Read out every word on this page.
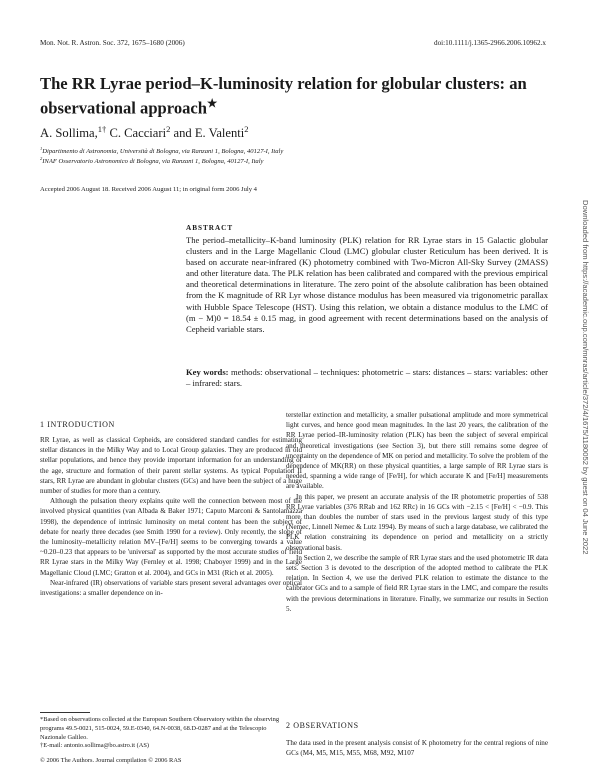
Mon. Not. R. Astron. Soc. 372, 1675–1680 (2006)	doi:10.1111/j.1365-2966.2006.10962.x
The RR Lyrae period–K-luminosity relation for globular clusters: an observational approach★
A. Sollima,$^{1\dagger}$ C. Cacciari$^2$ and E. Valenti$^2$
$^1$Dipartimento di Astronomia, Università di Bologna, via Ranzani 1, Bologna, 40127-I, Italy
$^2$INAF Osservatorio Astronomico di Bologna, via Ranzani 1, Bologna, 40127-I, Italy
Accepted 2006 August 18. Received 2006 August 11; in original form 2006 July 4
ABSTRACT
The period–metallicity–K-band luminosity (PLK) relation for RR Lyrae stars in 15 Galactic globular clusters and in the Large Magellanic Cloud (LMC) globular cluster Reticulum has been derived. It is based on accurate near-infrared (K) photometry combined with Two-Micron All-Sky Survey (2MASS) and other literature data. The PLK relation has been calibrated and compared with the previous empirical and theoretical determinations in literature. The zero point of the absolute calibration has been obtained from the K magnitude of RR Lyr whose distance modulus has been measured via trigonometric parallax with Hubble Space Telescope (HST). Using this relation, we obtain a distance modulus to the LMC of (m − M)0 = 18.54 ± 0.15 mag, in good agreement with recent determinations based on the analysis of Cepheid variable stars.
Key words: methods: observational – techniques: photometric – stars: distances – stars: variables: other – infrared: stars.
1 INTRODUCTION

RR Lyrae, as well as classical Cepheids, are considered standard candles for estimating stellar distances in the Milky Way and to Local Group galaxies. They are produced in old stellar populations, and hence they provide important information for an understanding of the age, structure and formation of their parent stellar systems. As typical Population II stars, RR Lyrae are abundant in globular clusters (GCs) and have been the subject of a huge number of studies for more than a century.

Although the pulsation theory explains quite well the connection between most of the involved physical quantities (van Albada & Baker 1971; Caputo Marconi & Santolamazza 1998), the dependence of intrinsic luminosity on metal content has been the subject of debate for nearly three decades (see Smith 1990 for a review). Only recently, the slope of the luminosity–metallicity relation MV–[Fe/H] seems to be converging towards a value ~0.20–0.23 that appears to be 'universal' as supported by the most accurate studies of field RR Lyrae stars in the Milky Way (Fernley et al. 1998; Chaboyer 1999) and in the Large Magellanic Cloud (LMC; Gratton et al. 2004), and GCs in M31 (Rich et al. 2005).

Near-infrared (IR) observations of variable stars present several advantages over optical investigations: a smaller dependence on in-

terstellar extinction and metallicity, a smaller pulsational amplitude and more symmetrical light curves, and hence good mean magnitudes. In the last 20 years, the calibration of the RR Lyrae period–IR-luminosity relation (PLK) has been the subject of several empirical and theoretical investigations (see Section 3), but there still remains some degree of uncertainty on the dependence of MK on period and metallicity. To solve the problem of the dependence of MK(RR) on these physical quantities, a large sample of RR Lyrae stars is needed, spanning a wide range of [Fe/H], for which accurate K and [Fe/H] measurements are available.

In this paper, we present an accurate analysis of the IR photometric properties of 538 RR Lyrae variables (376 RRab and 162 RRc) in 16 GCs with −2.15 < [Fe/H] < −0.9. This more than doubles the number of stars used in the previous largest study of this type (Nemec, Linnell Nemec & Lutz 1994). By means of such a large database, we calibrated the PLK relation constraining its dependence on period and metallicity on a strictly observational basis.

In Section 2, we describe the sample of RR Lyrae stars and the used photometric IR data sets. Section 3 is devoted to the description of the adopted method to calibrate the PLK relation. In Section 4, we use the derived PLK relation to estimate the distance to the calibrator GCs and to a sample of field RR Lyrae stars in the LMC, and compare the results with the previous determinations in literature. Finally, we summarize our results in Section 5.

2 OBSERVATIONS

The data used in the present analysis consist of K photometry for the central regions of nine GCs (M4, M5, M15, M55, M68, M92, M107

*Based on observations collected at the European Southern Observatory within the observing programs 49.5-0021, 515-0024, 59.E-0340, 64.N-0038, 68.D-0287 and at the Telescopio Nazionale Galileo.
†E-mail: antonio.sollima@bo.astro.it (AS)
© 2006 The Authors. Journal compilation © 2006 RAS
Downloaded from https://academic.oup.com/mnras/article/372/4/1675/1180052 by guest on 04 June 2022
